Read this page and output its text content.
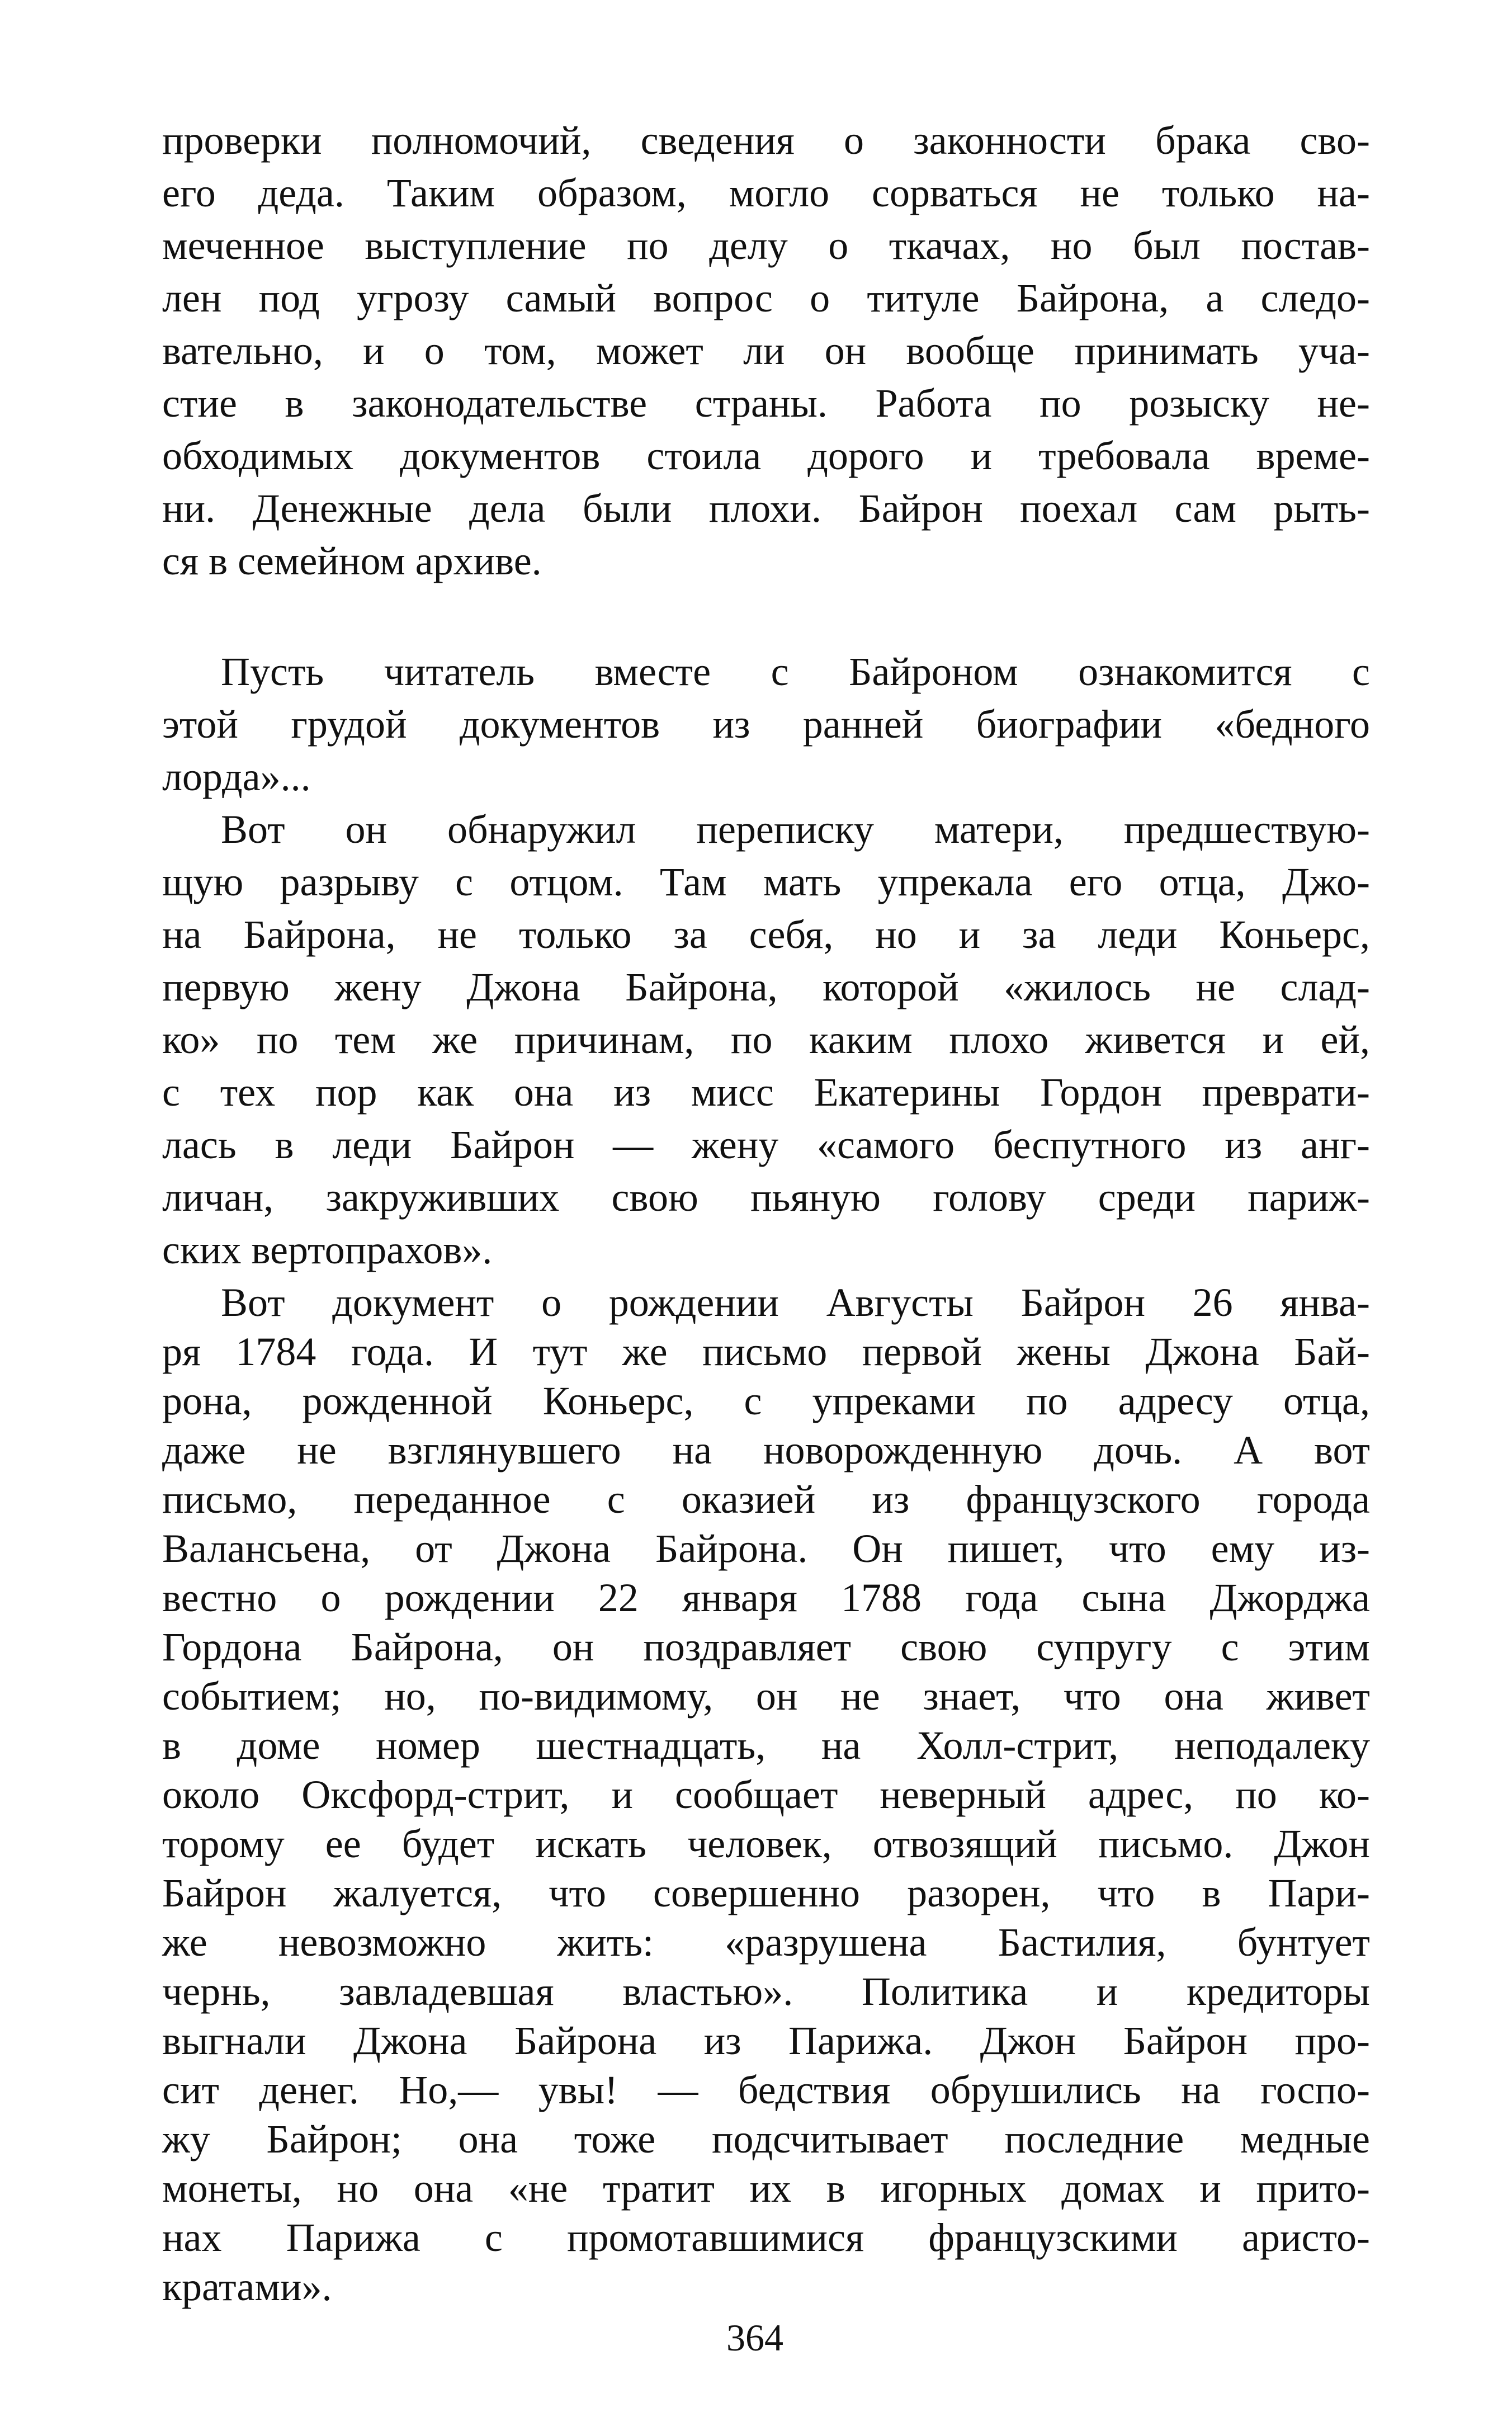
проверки полномочий, сведения о законности брака сво-
его деда. Таким образом, могло сорваться не только на-
меченное выступление по делу о ткачах, но был постав-
лен под угрозу самый вопрос о титуле Байрона, а следо-
вательно, и о том, может ли он вообще принимать уча-
стие в законодательстве страны. Работа по розыску не-
обходимых документов стоила дорого и требовала време-
ни. Денежные дела были плохи. Байрон поехал сам рыть-
ся в семейном архиве.
Пусть читатель вместе с Байроном ознакомится с
этой грудой документов из ранней биографии «бедного
лорда»...
Вот он обнаружил переписку матери, предшествую-
щую разрыву с отцом. Там мать упрекала его отца, Джо-
на Байрона, не только за себя, но и за леди Коньерс,
первую жену Джона Байрона, которой «жилось не слад-
ко» по тем же причинам, по каким плохо живется и ей,
с тех пор как она из мисс Екатерины Гордон преврати-
лась в леди Байрон — жену «самого беспутного из анг-
личан, закруживших свою пьяную голову среди париж-
ских вертопрахов».
Вот документ о рождении Августы Байрон 26 янва-
ря 1784 года. И тут же письмо первой жены Джона Бай-
рона, рожденной Коньерс, с упреками по адресу отца,
даже не взглянувшего на новорожденную дочь. А вот
письмо, переданное с оказией из французского города
Валансьена, от Джона Байрона. Он пишет, что ему из-
вестно о рождении 22 января 1788 года сына Джорджа
Гордона Байрона, он поздравляет свою супругу с этим
событием; но, по-видимому, он не знает, что она живет
в доме номер шестнадцать, на Холл-стрит, неподалеку
около Оксфорд-стрит, и сообщает неверный адрес, по ко-
торому ее будет искать человек, отвозящий письмо. Джон
Байрон жалуется, что совершенно разорен, что в Пари-
же невозможно жить: «разрушена Бастилия, бунтует
чернь, завладевшая властью». Политика и кредиторы
выгнали Джона Байрона из Парижа. Джон Байрон про-
сит денег. Но,— увы! — бедствия обрушились на госпо-
жу Байрон; она тоже подсчитывает последние медные
монеты, но она «не тратит их в игорных домах и прито-
нах Парижа с промотавшимися французскими аристо-
кратами».
364
